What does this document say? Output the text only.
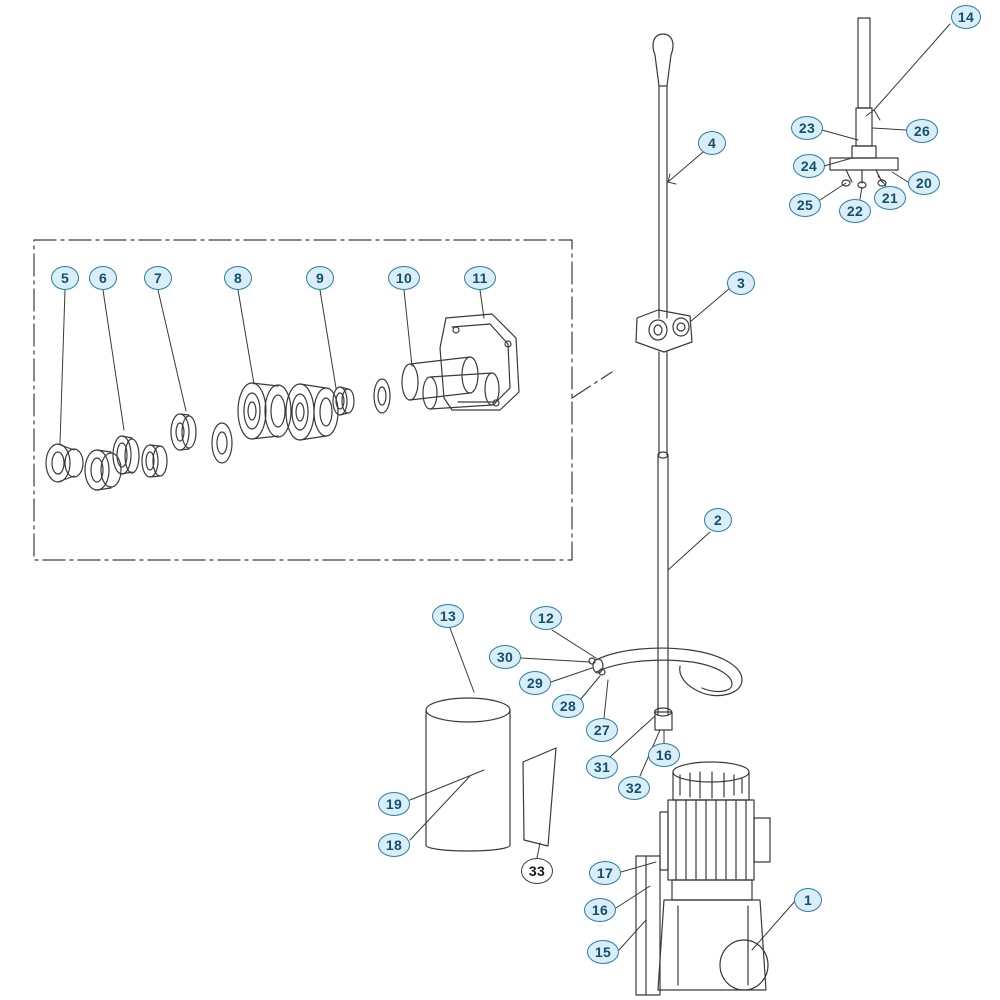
14
23	26
24
20
21
25	22
4
3
5	6	7	8	9	10	11
2
13	12
30
29
28
27
16
31
32
19
18
33	17
1
16
15
